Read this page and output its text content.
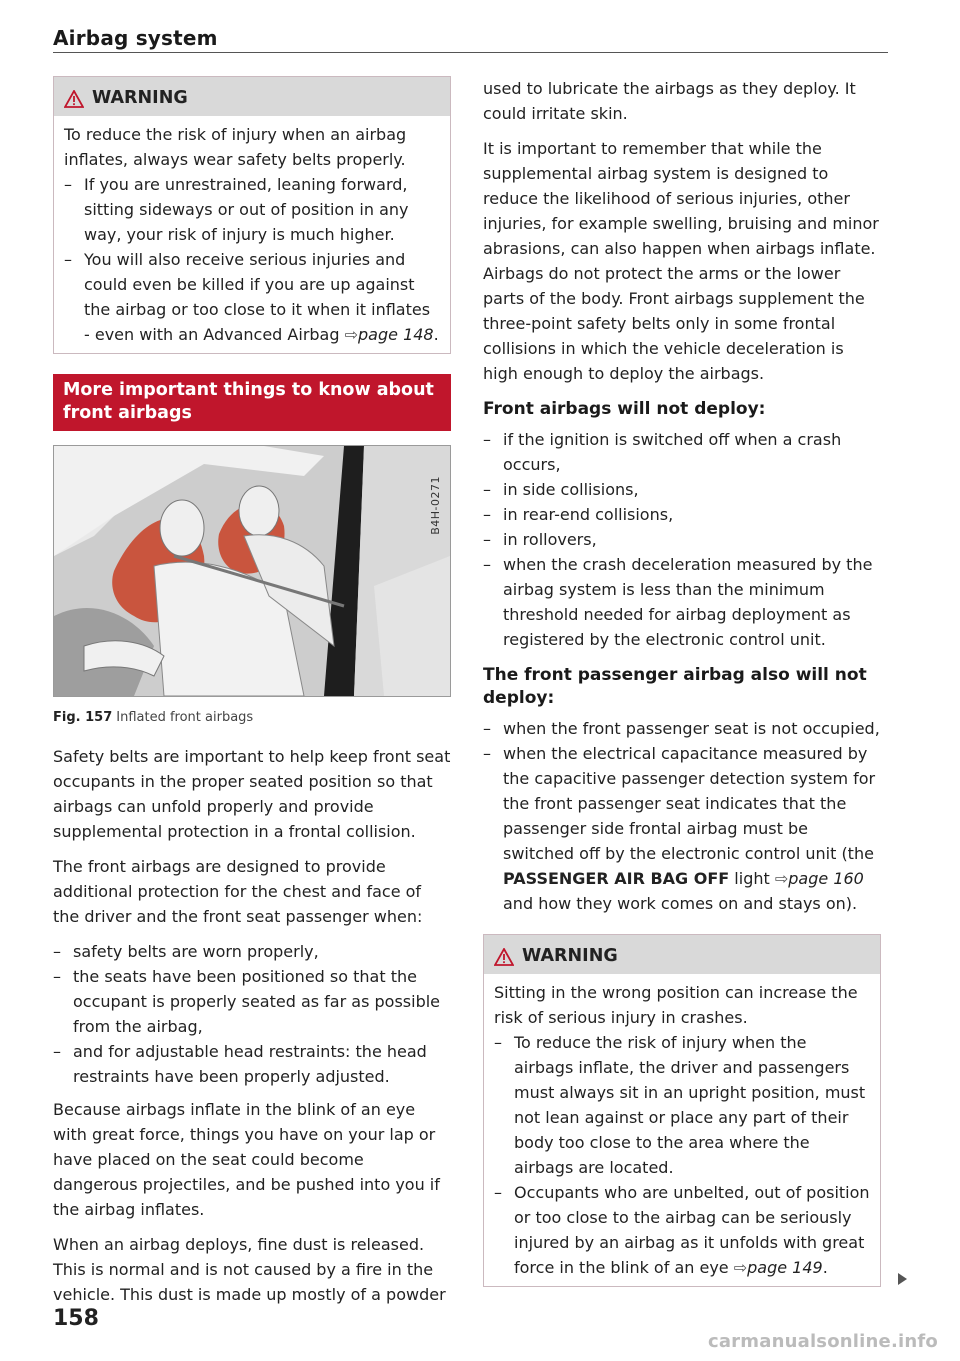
Airbag system
WARNING

To reduce the risk of injury when an airbag inflates, always wear safety belts properly.

– If you are unrestrained, leaning forward, sitting sideways or out of position in any way, your risk of injury is much higher.
– You will also receive serious injuries and could even be killed if you are up against the airbag or too close to it when it inflates - even with an Advanced Airbag ⇨page 148.
More important things to know about front airbags
B4H-0271
Fig. 157 Inflated front airbags

Safety belts are important to help keep front seat occupants in the proper seated position so that airbags can unfold properly and provide supplemental protection in a frontal collision.

The front airbags are designed to provide additional protection for the chest and face of the driver and the front seat passenger when:

– safety belts are worn properly,
– the seats have been positioned so that the occupant is properly seated as far as possible from the airbag,
– and for adjustable head restraints: the head restraints have been properly adjusted.

Because airbags inflate in the blink of an eye with great force, things you have on your lap or have placed on the seat could become dangerous projectiles, and be pushed into you if the airbag inflates.

When an airbag deploys, fine dust is released. This is normal and is not caused by a fire in the vehicle. This dust is made up mostly of a powder

used to lubricate the airbags as they deploy. It could irritate skin.

It is important to remember that while the supplemental airbag system is designed to reduce the likelihood of serious injuries, other injuries, for example swelling, bruising and minor abrasions, can also happen when airbags inflate. Airbags do not protect the arms or the lower parts of the body. Front airbags supplement the three-point safety belts only in some frontal collisions in which the vehicle deceleration is high enough to deploy the airbags.

Front airbags will not deploy:
– if the ignition is switched off when a crash occurs,
– in side collisions,
– in rear-end collisions,
– in rollovers,
– when the crash deceleration measured by the airbag system is less than the minimum threshold needed for airbag deployment as registered by the electronic control unit.
The front passenger airbag also will not deploy:
– when the front passenger seat is not occupied,
– when the electrical capacitance measured by the capacitive passenger detection system for the front passenger seat indicates that the passenger side frontal airbag must be switched off by the electronic control unit (the PASSENGER AIR BAG OFF light ⇨page 160 and how they work comes on and stays on).
WARNING

Sitting in the wrong position can increase the risk of serious injury in crashes.

– To reduce the risk of injury when the airbags inflate, the driver and passengers must always sit in an upright position, must not lean against or place any part of their body too close to the area where the airbags are located.
– Occupants who are unbelted, out of position or too close to the airbag can be seriously injured by an airbag as it unfolds with great force in the blink of an eye ⇨page 149.
158
carmanualsonline.info
